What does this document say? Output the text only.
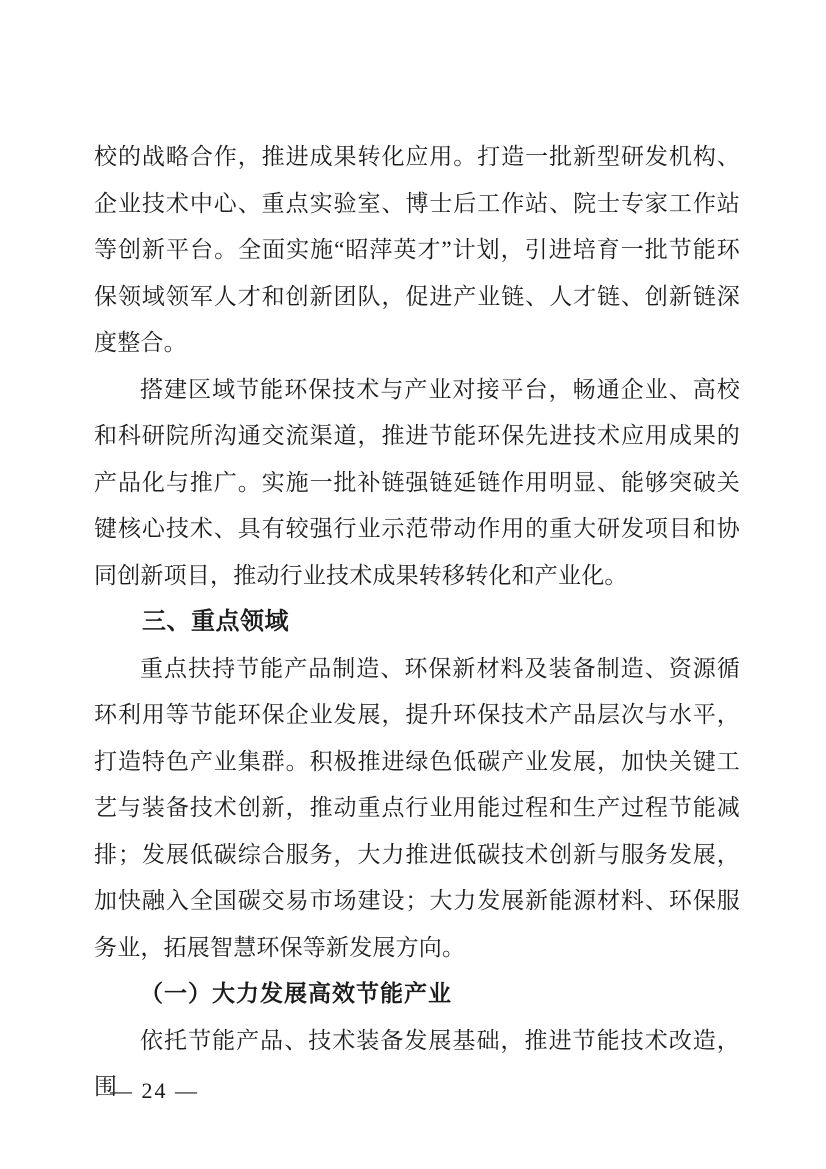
校的战略合作，推进成果转化应用。打造一批新型研发机构、企业技术中心、重点实验室、博士后工作站、院士专家工作站等创新平台。全面实施“昭萍英才”计划，引进培育一批节能环保领域领军人才和创新团队，促进产业链、人才链、创新链深度整合。

搭建区域节能环保技术与产业对接平台，畅通企业、高校和科研院所沟通交流渠道，推进节能环保先进技术应用成果的产品化与推广。实施一批补链强链延链作用明显、能够突破关键核心技术、具有较强行业示范带动作用的重大研发项目和协同创新项目，推动行业技术成果转移转化和产业化。

三、重点领域

重点扶持节能产品制造、环保新材料及装备制造、资源循环利用等节能环保企业发展，提升环保技术产品层次与水平，打造特色产业集群。积极推进绿色低碳产业发展，加快关键工艺与装备技术创新，推动重点行业用能过程和生产过程节能减排；发展低碳综合服务，大力推进低碳技术创新与服务发展，加快融入全国碳交易市场建设；大力发展新能源材料、环保服务业，拓展智慧环保等新发展方向。

（一）大力发展高效节能产业

依托节能产品、技术装备发展基础，推进节能技术改造，围

— 24 —
